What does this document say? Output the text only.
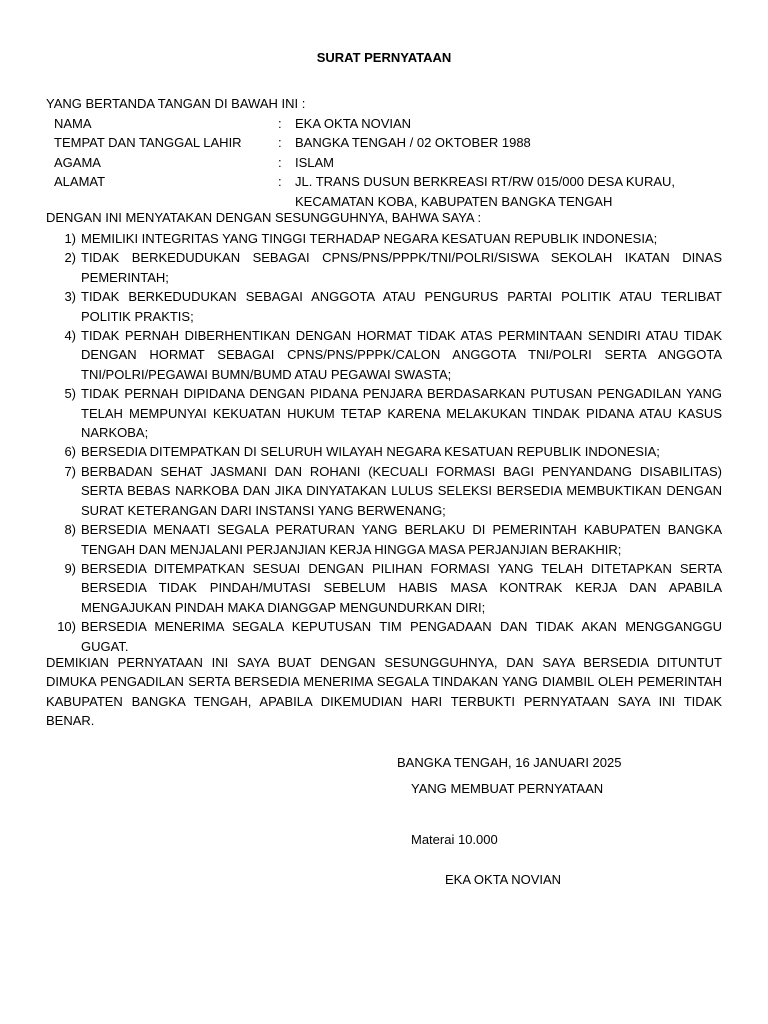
SURAT PERNYATAAN
YANG BERTANDA TANGAN DI BAWAH INI :
NAMA	: EKA OKTA NOVIAN
TEMPAT DAN TANGGAL LAHIR	: BANGKA TENGAH / 02 OKTOBER 1988
AGAMA	: ISLAM
ALAMAT	: JL. TRANS DUSUN BERKREASI RT/RW 015/000 DESA KURAU,
KECAMATAN KOBA, KABUPATEN BANGKA TENGAH
DENGAN INI MENYATAKAN DENGAN SESUNGGUHNYA, BAHWA SAYA :
1) MEMILIKI INTEGRITAS YANG TINGGI TERHADAP NEGARA KESATUAN REPUBLIK INDONESIA;
2) TIDAK BERKEDUDUKAN SEBAGAI CPNS/PNS/PPPK/TNI/POLRI/SISWA SEKOLAH IKATAN DINAS PEMERINTAH;
3) TIDAK BERKEDUDUKAN SEBAGAI ANGGOTA ATAU PENGURUS PARTAI POLITIK ATAU TERLIBAT POLITIK PRAKTIS;
4) TIDAK PERNAH DIBERHENTIKAN DENGAN HORMAT TIDAK ATAS PERMINTAAN SENDIRI ATAU TIDAK DENGAN HORMAT SEBAGAI CPNS/PNS/PPPK/CALON ANGGOTA TNI/POLRI SERTA ANGGOTA TNI/POLRI/PEGAWAI BUMN/BUMD ATAU PEGAWAI SWASTA;
5) TIDAK PERNAH DIPIDANA DENGAN PIDANA PENJARA BERDASARKAN PUTUSAN PENGADILAN YANG TELAH MEMPUNYAI KEKUATAN HUKUM TETAP KARENA MELAKUKAN TINDAK PIDANA ATAU KASUS NARKOBA;
6) BERSEDIA DITEMPATKAN DI SELURUH WILAYAH NEGARA KESATUAN REPUBLIK INDONESIA;
7) BERBADAN SEHAT JASMANI DAN ROHANI (KECUALI FORMASI BAGI PENYANDANG DISABILITAS) SERTA BEBAS NARKOBA DAN JIKA DINYATAKAN LULUS SELEKSI BERSEDIA MEMBUKTIKAN DENGAN SURAT KETERANGAN DARI INSTANSI YANG BERWENANG;
8) BERSEDIA MENAATI SEGALA PERATURAN YANG BERLAKU DI PEMERINTAH KABUPATEN BANGKA TENGAH DAN MENJALANI PERJANJIAN KERJA HINGGA MASA PERJANJIAN BERAKHIR;
9) BERSEDIA DITEMPATKAN SESUAI DENGAN PILIHAN FORMASI YANG TELAH DITETAPKAN SERTA BERSEDIA TIDAK PINDAH/MUTASI SEBELUM HABIS MASA KONTRAK KERJA DAN APABILA MENGAJUKAN PINDAH MAKA DIANGGAP MENGUNDURKAN DIRI;
10) BERSEDIA MENERIMA SEGALA KEPUTUSAN TIM PENGADAAN DAN TIDAK AKAN MENGGANGGU GUGAT.
DEMIKIAN PERNYATAAN INI SAYA BUAT DENGAN SESUNGGUHNYA, DAN SAYA BERSEDIA DITUNTUT DIMUKA PENGADILAN SERTA BERSEDIA MENERIMA SEGALA TINDAKAN YANG DIAMBIL OLEH PEMERINTAH KABUPATEN BANGKA TENGAH, APABILA DIKEMUDIAN HARI TERBUKTI PERNYATAAN SAYA INI TIDAK BENAR.
BANGKA TENGAH, 16 JANUARI 2025
YANG MEMBUAT PERNYATAAN
Materai 10.000
EKA OKTA NOVIAN
